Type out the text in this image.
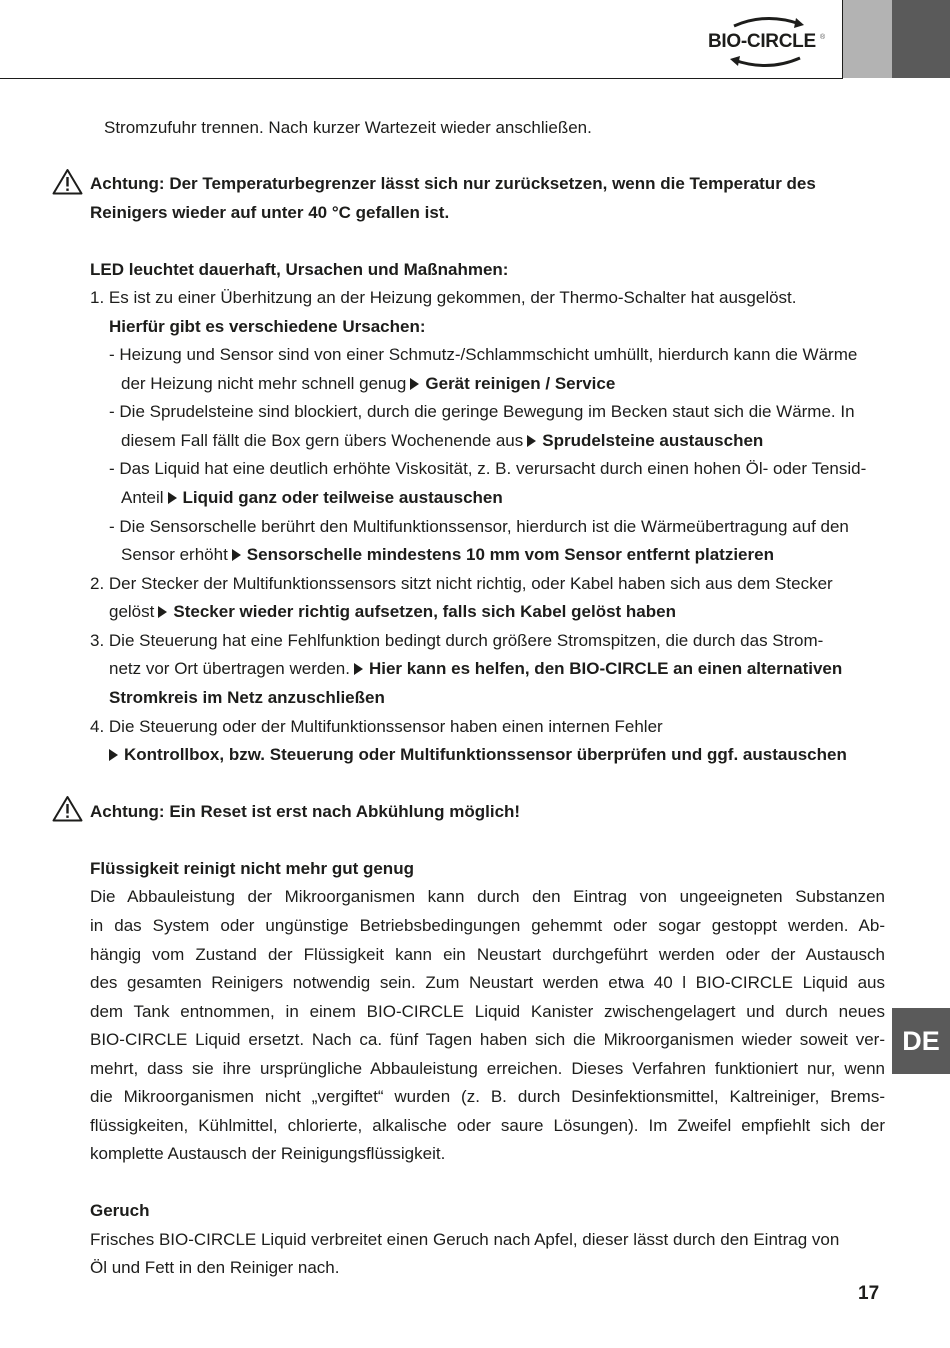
BIO-CIRCLE ®
Stromzufuhr trennen. Nach kurzer Wartezeit wieder anschließen.
Achtung: Der Temperaturbegrenzer lässt sich nur zurücksetzen, wenn die Temperatur des
Reinigers wieder auf unter 40 °C gefallen ist.
LED leuchtet dauerhaft, Ursachen und Maßnahmen:
1. Es ist zu einer Überhitzung an der Heizung gekommen, der Thermo-Schalter hat ausgelöst.
Hierfür gibt es verschiedene Ursachen:
- Heizung und Sensor sind von einer Schmutz-/Schlammschicht umhüllt, hierdurch kann die Wärme
der Heizung nicht mehr schnell genug Gerät reinigen / Service
- Die Sprudelsteine sind blockiert, durch die geringe Bewegung im Becken staut sich die Wärme. In
diesem Fall fällt die Box gern übers Wochenende aus Sprudelsteine austauschen
- Das Liquid hat eine deutlich erhöhte Viskosität, z. B. verursacht durch einen hohen Öl- oder Tensid-
Anteil Liquid ganz oder teilweise austauschen
- Die Sensorschelle berührt den Multifunktionssensor, hierdurch ist die Wärmeübertragung auf den
Sensor erhöht Sensorschelle mindestens 10 mm vom Sensor entfernt platzieren
2. Der Stecker der Multifunktionssensors sitzt nicht richtig, oder Kabel haben sich aus dem Stecker
gelöst Stecker wieder richtig aufsetzen, falls sich Kabel gelöst haben
3. Die Steuerung hat eine Fehlfunktion bedingt durch größere Stromspitzen, die durch das Strom-
netz vor Ort übertragen werden. Hier kann es helfen, den BIO-CIRCLE an einen alternativen
Stromkreis im Netz anzuschließen
4. Die Steuerung oder der Multifunktionssensor haben einen internen Fehler
Kontrollbox, bzw. Steuerung oder Multifunktionssensor überprüfen und ggf. austauschen
Achtung: Ein Reset ist erst nach Abkühlung möglich!
Flüssigkeit reinigt nicht mehr gut genug
Die Abbauleistung der Mikroorganismen kann durch den Eintrag von ungeeigneten Substanzen
in das System oder ungünstige Betriebsbedingungen gehemmt oder sogar gestoppt werden. Ab-
hängig vom Zustand der Flüssigkeit kann ein Neustart durchgeführt werden oder der Austausch
des gesamten Reinigers notwendig sein. Zum Neustart werden etwa 40 l BIO-CIRCLE Liquid aus
dem Tank entnommen, in einem BIO-CIRCLE Liquid Kanister zwischengelagert und durch neues
BIO-CIRCLE Liquid ersetzt. Nach ca. fünf Tagen haben sich die Mikroorganismen wieder soweit ver-
mehrt, dass sie ihre ursprüngliche Abbauleistung erreichen. Dieses Verfahren funktioniert nur, wenn
die Mikroorganismen nicht „vergiftet“ wurden (z. B. durch Desinfektionsmittel, Kaltreiniger, Brems-
flüssigkeiten, Kühlmittel, chlorierte, alkalische oder saure Lösungen). Im Zweifel empfiehlt sich der
komplette Austausch der Reinigungsflüssigkeit.
Geruch
Frisches BIO-CIRCLE Liquid verbreitet einen Geruch nach Apfel, dieser lässt durch den Eintrag von
Öl und Fett in den Reiniger nach.
DE
17
